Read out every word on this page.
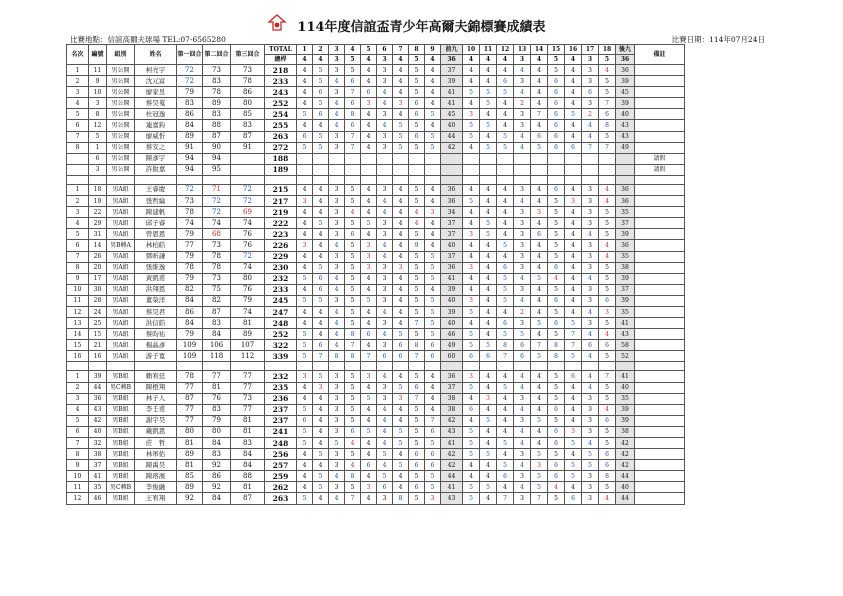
114年度信誼盃青少年高爾夫錦標賽成績表
比賽地點：信誼高爾夫球場 TEL:07-6565280	比賽日期：114年07月24日
名次	編號	組別	姓名	第一回合	第二回合	第三回合	TOTAL	1	2	3	4	5	6	7	8	9	前九	10	11	12	13	14	15	16	17	18	後九	備註
							總桿	4	4	3	5	4	3	4	5	4	36	4	4	4	3	4	5	4	3	5	36	
1	11	男公開	柯亮宇	72	73	73	218	4	5	3	5	4	3	4	5	4	37	4	4	4	4	4	5	4	3	4	36	
2	9	男公開	沈元富	72	83	78	233	4	5	4	6	4	3	4	5	4	39	4	4	6	3	4	6	4	3	5	39	
3	10	男公開	廖家昱	79	78	86	243	4	6	3	7	6	4	4	5	4	41	5	5	5	4	4	6	4	6	5	45	
4	3	男公開	蔡昊蒐	83	89	80	252	4	5	4	6	3	4	3	6	4	41	4	5	4	2	4	6	4	3	7	39	
5	8	男公開	杜冠逸	86	83	85	254	5	6	4	8	4	3	4	6	5	45	3	4	4	3	7	6	5	2	6	40	
6	12	男公開	連嘉鈞	84	88	83	255	4	4	4	6	4	4	5	5	4	40	5	5	4	3	4	6	4	4	8	43	
7	5	男公開	廖威忻	89	87	87	263	6	5	3	7	4	3	5	6	5	44	5	4	5	4	6	6	4	4	5	43	
8	1	男公開	蔡安之	91	90	91	272	5	5	3	7	4	3	5	5	5	42	4	5	5	4	5	6	6	7	7	49	
	6	男公開	陳彥宇	94	94		188																					請假
	3	男公開	許銳嘉	94	95		189																					請假

1	18	男A組	王睿慶	72	71	72	215	4	4	3	5	4	3	4	5	4	36	4	4	4	3	4	6	4	3	4	36	
2	19	男A組	張哲綸	73	72	72	217	3	4	3	5	4	4	4	5	4	36	5	4	4	4	4	5	3	3	4	36	
3	22	男A組	陳建帆	78	72	69	219	4	4	3	4	4	4	4	4	3	34	4	4	4	3	3	5	4	3	5	35	
4	29	男A組	邱子睿	74	74	74	222	4	5	3	5	5	3	4	4	4	37	4	5	4	3	4	5	4	3	5	37	
5	31	男A組	曾恩恩	79	68	76	223	4	4	3	6	4	3	4	5	4	37	3	5	4	3	6	5	4	4	5	39	
6	14	男B轉A	林柏皓	77	73	76	226	3	4	4	5	3	4	4	9	4	40	4	4	5	3	4	5	4	3	4	36	
7	26	男A組	鄧昕謙	79	78	72	229	4	4	3	5	3	4	4	5	5	37	4	4	4	3	4	5	4	3	4	35	
8	20	男A組	張維逸	78	78	74	230	4	5	3	5	3	3	3	5	5	36	3	4	6	3	4	6	4	3	5	38	
9	17	男A組	黃凱甫	79	73	80	232	5	6	4	5	4	3	4	5	5	41	4	4	5	4	5	4	4	4	5	39	
10	30	男A組	洪翔恩	82	75	76	233	4	6	4	5	4	3	4	5	4	39	4	4	5	3	4	5	4	3	5	37	
11	28	男A組	董榮洋	84	82	79	245	5	5	3	5	5	3	4	5	5	40	3	4	5	4	4	6	4	3	6	39	
12	24	男A組	蔡昊君	86	87	74	247	4	4	4	5	4	4	4	5	5	39	5	4	4	2	4	5	4	4	3	35	
13	25	男A組	洪信皓	84	83	81	248	4	4	4	5	4	3	4	7	5	40	4	4	6	3	5	6	5	3	5	41	
14	15	男A組	蔡昀祐	79	84	89	252	5	4	4	8	6	4	5	5	5	46	5	4	5	5	4	5	7	4	4	43	
15	21	男A組	楊晶彥	109	106	107	322	5	6	4	7	4	3	6	8	6	49	5	5	8	6	7	8	7	6	6	58	
16	16	男A組	游子寬	109	118	112	339	5	7	8	8	7	6	6	7	6	60	6	6	7	6	5	8	5	4	5	52	

1	39	男B組	賴宥廷	78	77	77	232	3	5	3	5	3	4	4	5	4	36	3	4	4	4	4	5	6	4	7	41	
2	44	男C轉B	陳橙翔	77	81	77	235	4	3	3	5	4	3	5	6	4	37	5	4	5	4	4	5	4	4	5	40	
3	36	男B組	林子人	87	76	73	236	4	4	3	5	5	3	3	7	4	38	4	3	4	3	4	5	4	3	5	35	
4	43	男B組	李壬甫	77	83	77	237	5	4	3	5	4	4	4	5	4	38	6	4	4	4	4	6	4	3	4	39	
5	42	男B組	謝宇昊	77	79	81	237	6	4	3	5	4	4	4	5	7	42	4	5	4	3	5	5	4	3	6	39	
6	40	男B組	戴凱恩	80	80	81	241	5	4	3	6	5	4	5	5	6	43	5	4	4	4	4	6	3	3	5	38	
7	32	男B組	莊　哲	81	84	83	248	5	4	5	4	4	4	5	5	5	41	5	4	5	4	4	6	5	4	5	42	
8	38	男B組	林軍佑	89	83	84	256	4	5	3	5	4	5	4	6	6	42	5	5	4	3	5	5	4	5	6	42	
9	37	男B組	陳禹昊	81	92	84	257	4	4	3	4	6	4	5	6	6	42	4	4	5	4	3	6	5	5	6	42	
10	41	男B組	陳瑢濱	85	86	88	259	4	5	4	8	4	5	4	5	5	44	4	4	6	3	5	6	5	3	8	44	
11	35	男C轉B	李俊融	89	92	81	262	4	5	3	5	3	6	4	6	5	41	5	5	4	4	5	4	4	3	5	40	
12	46	男B組	王宥翔	92	84	87	263	5	4	4	7	4	3	8	5	3	43	5	4	7	3	7	5	6	3	4	44	
